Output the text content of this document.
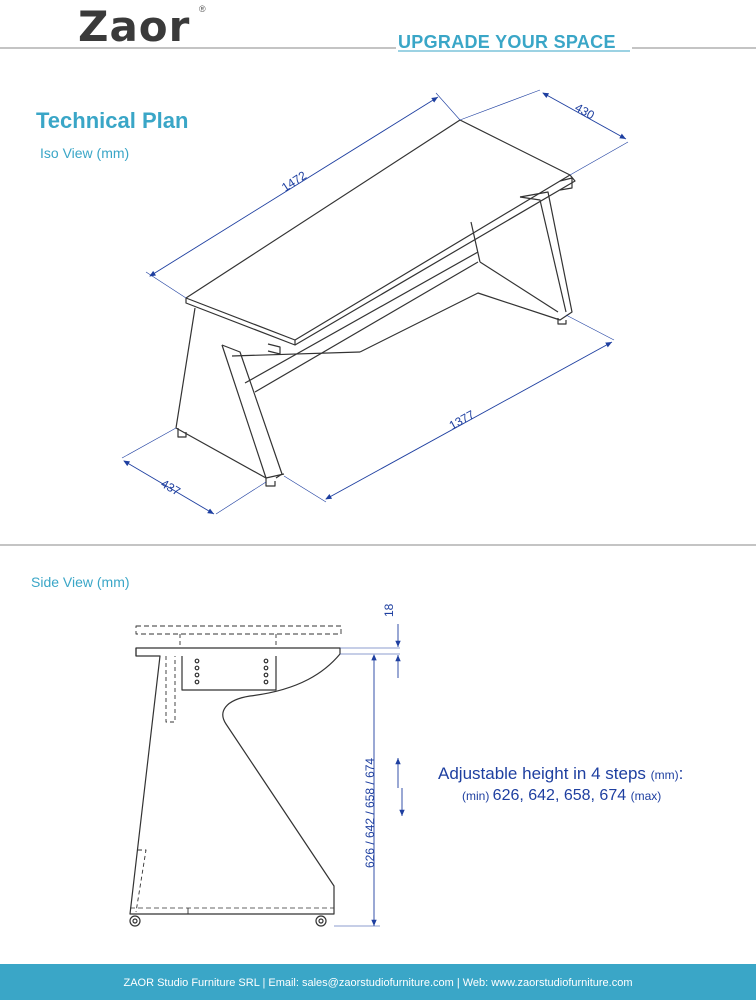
Zaor ®
UPGRADE YOUR SPACE
Technical Plan
Iso View (mm)
Side View (mm)
1472
430
1377
437
18
626 / 642 / 658 / 674	Adjustable height in 4 steps (mm):
(min) 626, 642, 658, 674 (max)
ZAOR Studio Furniture SRL | Email: sales@zaorstudiofurniture.com | Web: www.zaorstudiofurniture.com
